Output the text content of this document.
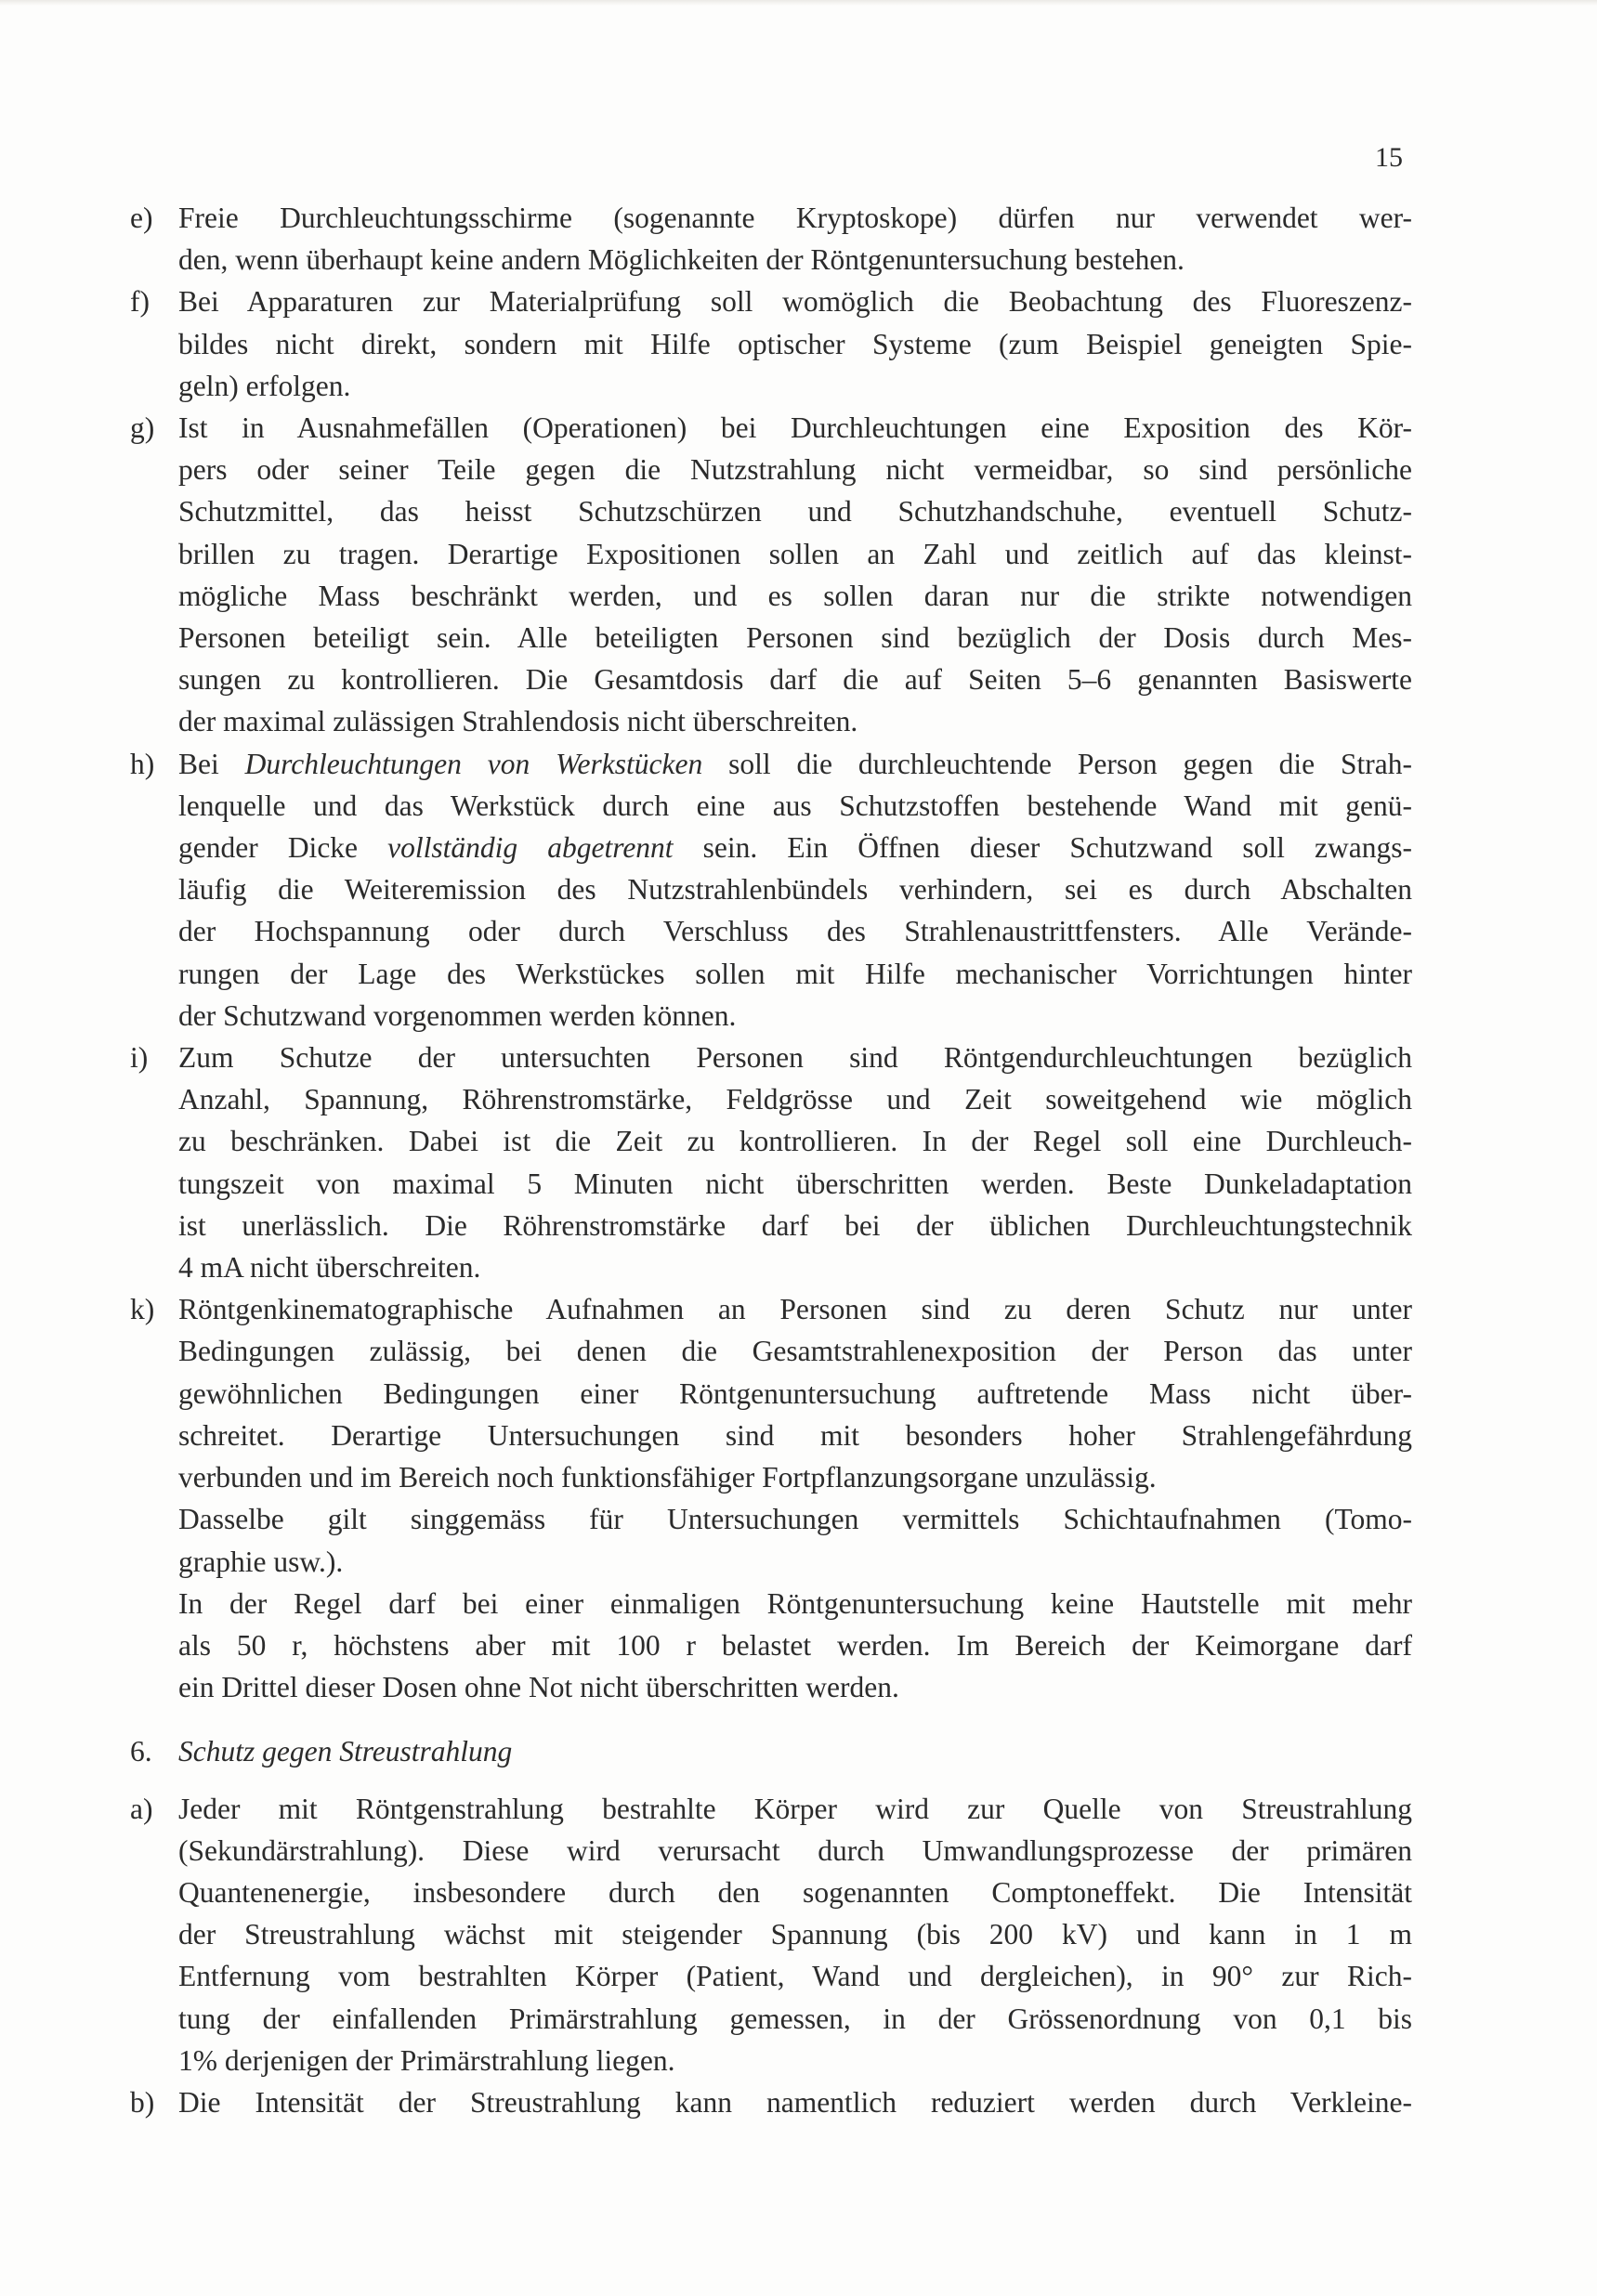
15
e) Freie Durchleuchtungsschirme (sogenannte Kryptoskope) dürfen nur verwendet wer-
den, wenn überhaupt keine andern Möglichkeiten der Röntgenuntersuchung bestehen.
f) Bei Apparaturen zur Materialprüfung soll womöglich die Beobachtung des Fluoreszenz-
bildes nicht direkt, sondern mit Hilfe optischer Systeme (zum Beispiel geneigten Spie-
geln) erfolgen.
g) Ist in Ausnahmefällen (Operationen) bei Durchleuchtungen eine Exposition des Kör-
pers oder seiner Teile gegen die Nutzstrahlung nicht vermeidbar, so sind persönliche
Schutzmittel, das heisst Schutzschürzen und Schutzhandschuhe, eventuell Schutz-
brillen zu tragen. Derartige Expositionen sollen an Zahl und zeitlich auf das kleinst-
mögliche Mass beschränkt werden, und es sollen daran nur die strikte notwendigen
Personen beteiligt sein. Alle beteiligten Personen sind bezüglich der Dosis durch Mes-
sungen zu kontrollieren. Die Gesamtdosis darf die auf Seiten 5–6 genannten Basiswerte
der maximal zulässigen Strahlendosis nicht überschreiten.
h) Bei Durchleuchtungen von Werkstücken soll die durchleuchtende Person gegen die Strah-
lenquelle und das Werkstück durch eine aus Schutzstoffen bestehende Wand mit genü-
gender Dicke vollständig abgetrennt sein. Ein Öffnen dieser Schutzwand soll zwangs-
läufig die Weiteremission des Nutzstrahlenbündels verhindern, sei es durch Abschalten
der Hochspannung oder durch Verschluss des Strahlenaustrittfensters. Alle Verände-
rungen der Lage des Werkstückes sollen mit Hilfe mechanischer Vorrichtungen hinter
der Schutzwand vorgenommen werden können.
i)	Zum Schutze der untersuchten Personen sind Röntgendurchleuchtungen bezüglich
Anzahl, Spannung, Röhrenstromstärke, Feldgrösse und Zeit soweitgehend wie möglich
zu beschränken. Dabei ist die Zeit zu kontrollieren. In der Regel soll eine Durchleuch-
tungszeit von maximal 5 Minuten nicht überschritten werden. Beste Dunkeladaptation
ist unerlässlich. Die Röhrenstromstärke darf bei der üblichen Durchleuchtungstechnik
4 mA nicht überschreiten.
k) Röntgenkinematographische Aufnahmen an Personen sind zu deren Schutz nur unter
Bedingungen zulässig, bei denen die Gesamtstrahlenexposition der Person das unter
gewöhnlichen Bedingungen einer Röntgenuntersuchung auftretende Mass nicht über-
schreitet. Derartige Untersuchungen sind mit besonders hoher Strahlengefährdung
verbunden und im Bereich noch funktionsfähiger Fortpflanzungsorgane unzulässig.
Dasselbe gilt singgemäss für Untersuchungen vermittels Schichtaufnahmen (Tomo-
graphie usw.).
In der Regel darf bei einer einmaligen Röntgenuntersuchung keine Hautstelle mit mehr
als 50 r, höchstens aber mit 100 r belastet werden. Im Bereich der Keimorgane darf
ein Drittel dieser Dosen ohne Not nicht überschritten werden.
6. Schutz gegen Streustrahlung
a) Jeder mit Röntgenstrahlung bestrahlte Körper wird zur Quelle von Streustrahlung
(Sekundärstrahlung). Diese wird verursacht durch Umwandlungsprozesse der primären
Quantenenergie, insbesondere durch den sogenannten Comptoneffekt. Die Intensität
der Streustrahlung wächst mit steigender Spannung (bis 200 kV) und kann in 1 m
Entfernung vom bestrahlten Körper (Patient, Wand und dergleichen), in 90° zur Rich-
tung der einfallenden Primärstrahlung gemessen, in der Grössenordnung von 0,1 bis
1% derjenigen der Primärstrahlung liegen.
b) Die Intensität der Streustrahlung kann namentlich reduziert werden durch Verkleine-
